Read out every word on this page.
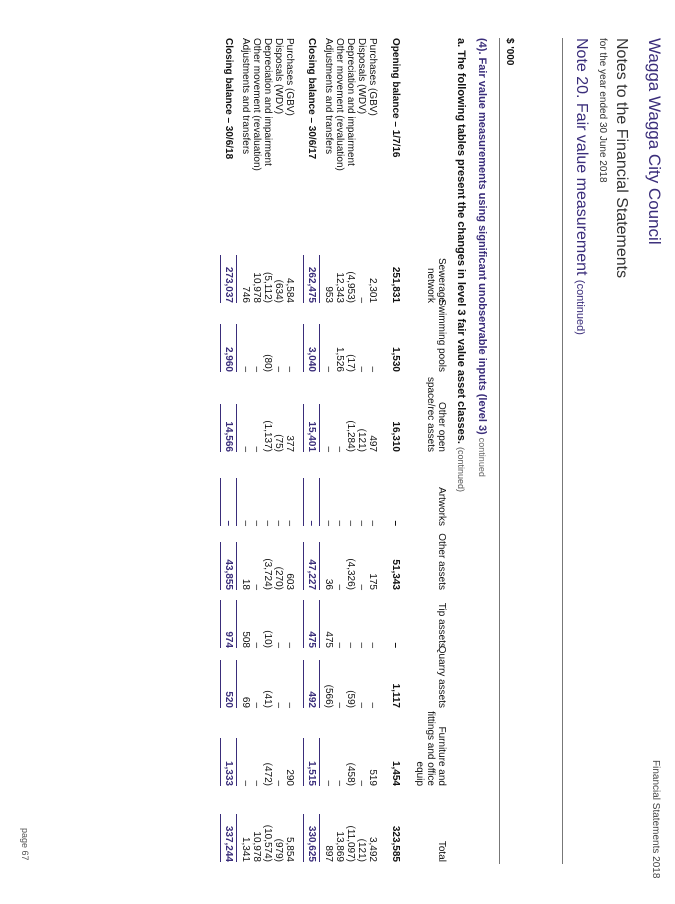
Wagga Wagga City Council
Financial Statements 2018
Notes to the Financial Statements
for the year ended 30 June 2018
Note 20. Fair value measurement (continued)
$ '000
(4). Fair value measurements using significant unobservable inputs (level 3) continued
a. The following tables present the changes in level 3 fair value asset classes. (continued)
Sewerage network
Swimming pools
Other open space/rec assets
Artworks
Other assets
Tip assets
Quarry assets
Furniture and fittings and office equip
Total
Opening balance – 1/7/16
251,831
1,530
16,310
–
51,343
–
1,117
1,454
323,585
Purchases (GBV)
2,301
–
497
–
175
–
–
519
3,492
Disposals (WDV)
–
–
(121)
–
–
–
–
–
(121)
Depreciation and impairment
(4,953)
(17)
(1,284)
–
(4,326)
–
(59)
(458)
(11,097)
Other movement (revaluation)
12,343
1,526
–
–
–
–
–
–
13,869
Adjustments and transfers
953
–
–
–
36
475
(566)
–
897
Closing balance – 30/6/17
262,475
3,040
15,401
–
47,227
475
492
1,515
330,625
Purchases (GBV)
4,584
–
377
–
603
–
–
290
5,854
Disposals (WDV)
(634)
–
(75)
–
(270)
–
–
–
(979)
Depreciation and impairment
(5,112)
(80)
(1,137)
–
(3,724)
(10)
(41)
(472)
(10,574)
Other movement (revaluation)
10,978
–
–
–
–
–
–
–
10,978
Adjustments and transfers
746
–
–
–
18
508
69
–
1,341
Closing balance – 30/6/18
273,037
2,960
14,566
–
43,855
974
520
1,333
337,244
page 67
